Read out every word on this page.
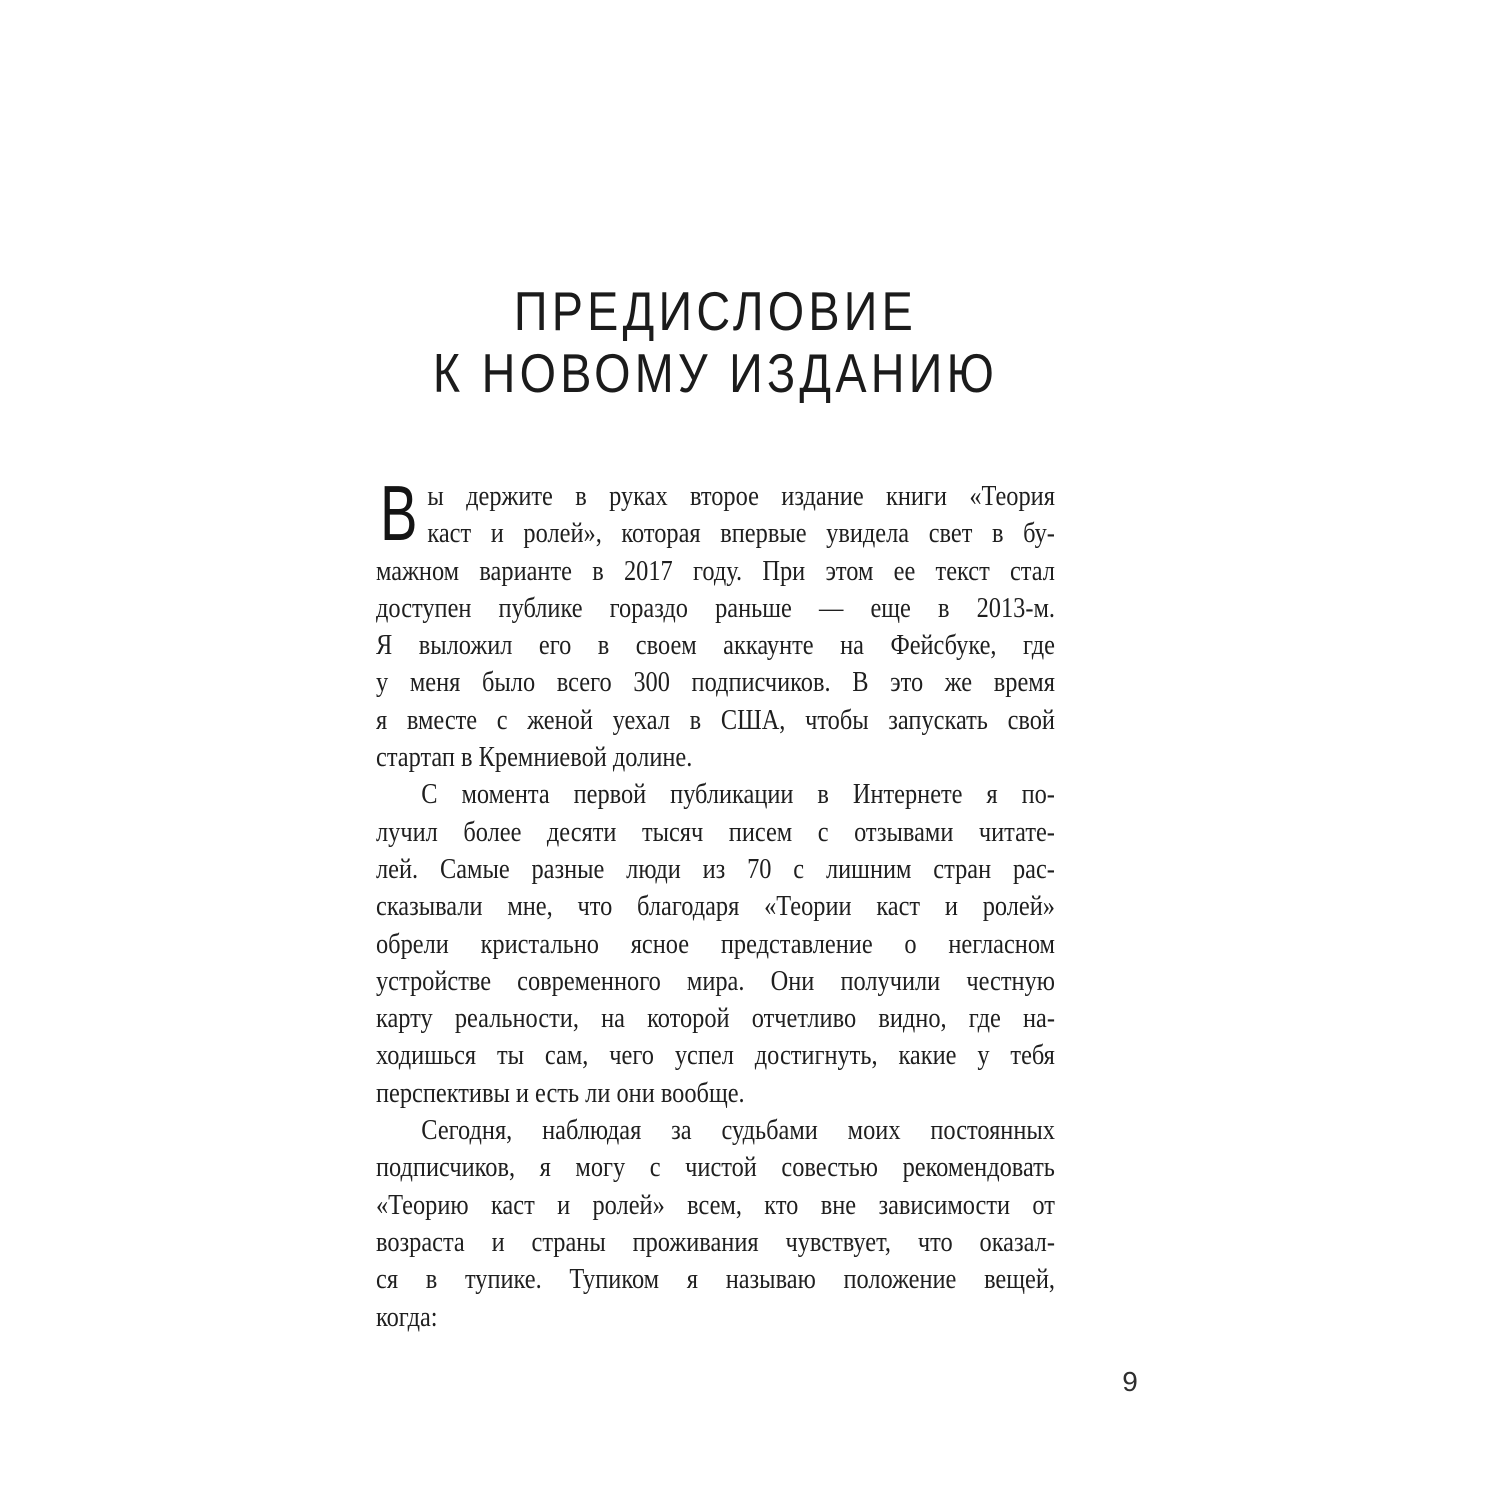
ПРЕДИСЛОВИЕ
К НОВОМУ ИЗДАНИЮ
В ы держите в руках второе издание книги «Теория
каст и ролей», которая впервые увидела свет в бу-
мажном варианте в 2017 году. При этом ее текст стал
доступен публике гораздо раньше — еще в 2013-м.
Я выложил его в своем аккаунте на Фейсбуке, где
у меня было всего 300 подписчиков. В это же время
я вместе с женой уехал в США, чтобы запускать свой
стартап в Кремниевой долине.
С момента первой публикации в Интернете я по-
лучил более десяти тысяч писем с отзывами читате-
лей. Самые разные люди из 70 с лишним стран рас-
сказывали мне, что благодаря «Теории каст и ролей»
обрели кристально ясное представление о негласном
устройстве современного мира. Они получили честную
карту реальности, на которой отчетливо видно, где на-
ходишься ты сам, чего успел достигнуть, какие у тебя
перспективы и есть ли они вообще.
Сегодня, наблюдая за судьбами моих постоянных
подписчиков, я могу с чистой совестью рекомендовать
«Теорию каст и ролей» всем, кто вне зависимости от
возраста и страны проживания чувствует, что оказал-
ся в тупике. Тупиком я называю положение вещей,
когда:
9
